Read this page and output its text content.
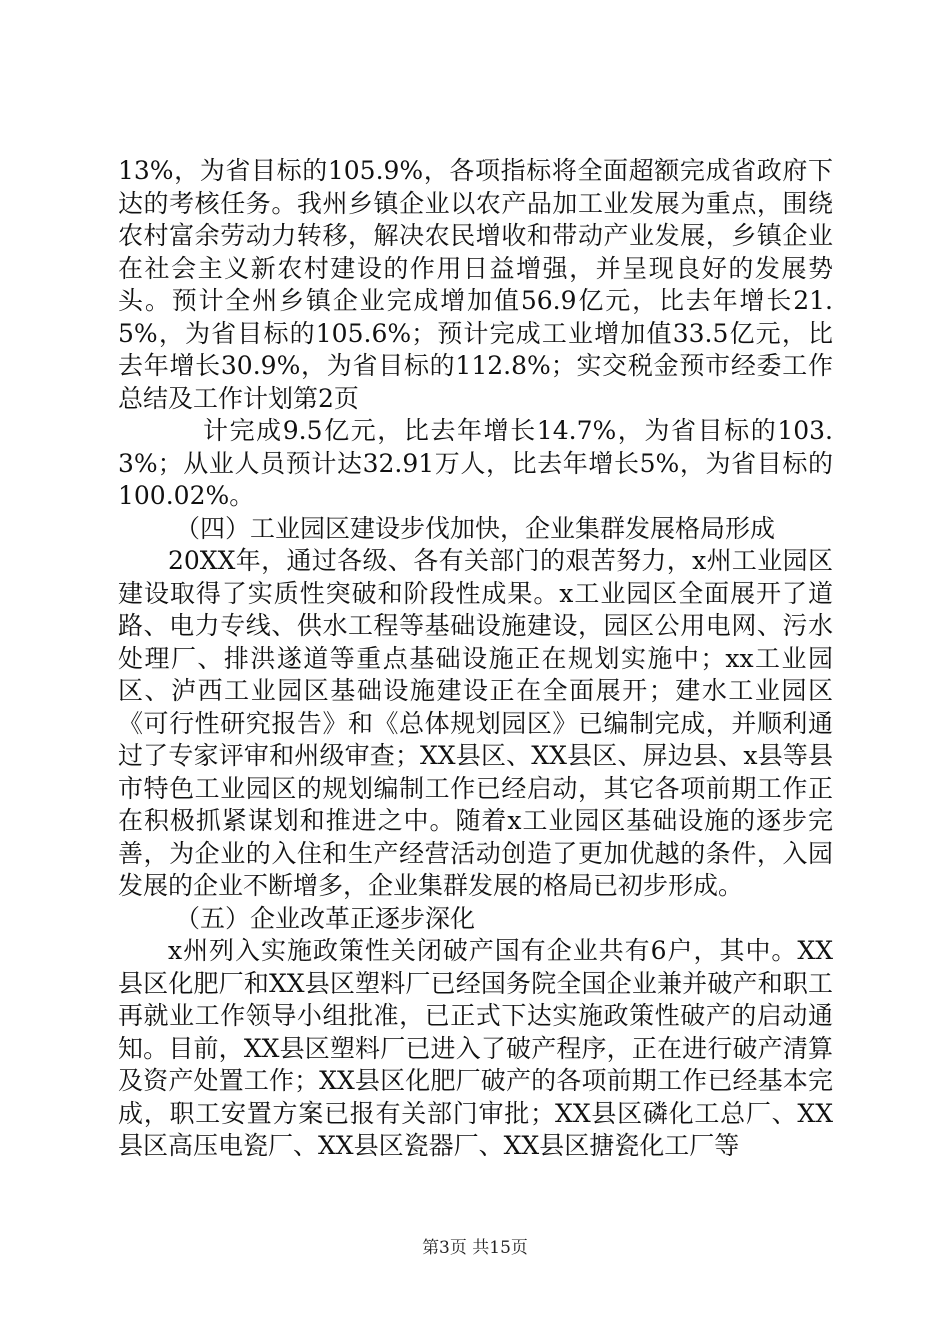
13%，为省目标的105.9%，各项指标将全面超额完成省政府下达的考核任务。我州乡镇企业以农产品加工业发展为重点，围绕农村富余劳动力转移，解决农民增收和带动产业发展，乡镇企业在社会主义新农村建设的作用日益增强，并呈现良好的发展势头。预计全州乡镇企业完成增加值56.9亿元，比去年增长21.5%，为省目标的105.6%；预计完成工业增加值33.5亿元，比去年增长30.9%，为省目标的112.8%；实交税金预市经委工作总结及工作计划第2页

计完成9.5亿元，比去年增长14.7%，为省目标的103.3%；从业人员预计达32.91万人，比去年增长5%，为省目标的100.02%。

（四）工业园区建设步伐加快，企业集群发展格局形成

20XX年，通过各级、各有关部门的艰苦努力，x州工业园区建设取得了实质性突破和阶段性成果。x工业园区全面展开了道路、电力专线、供水工程等基础设施建设，园区公用电网、污水处理厂、排洪遂道等重点基础设施正在规划实施中；xx工业园区、泸西工业园区基础设施建设正在全面展开；建水工业园区《可行性研究报告》和《总体规划园区》已编制完成，并顺利通过了专家评审和州级审查；XX县区、XX县区、屏边县、x县等县市特色工业园区的规划编制工作已经启动，其它各项前期工作正在积极抓紧谋划和推进之中。随着x工业园区基础设施的逐步完善，为企业的入住和生产经营活动创造了更加优越的条件，入园发展的企业不断增多，企业集群发展的格局已初步形成。

（五）企业改革正逐步深化

x州列入实施政策性关闭破产国有企业共有6户，其中。XX县区化肥厂和XX县区塑料厂已经国务院全国企业兼并破产和职工再就业工作领导小组批准，已正式下达实施政策性破产的启动通知。目前，XX县区塑料厂已进入了破产程序，正在进行破产清算及资产处置工作；XX县区化肥厂破产的各项前期工作已经基本完成，职工安置方案已报有关部门审批；XX县区磷化工总厂、XX县区高压电瓷厂、XX县区瓷器厂、XX县区搪瓷化工厂等

第3页 共15页
